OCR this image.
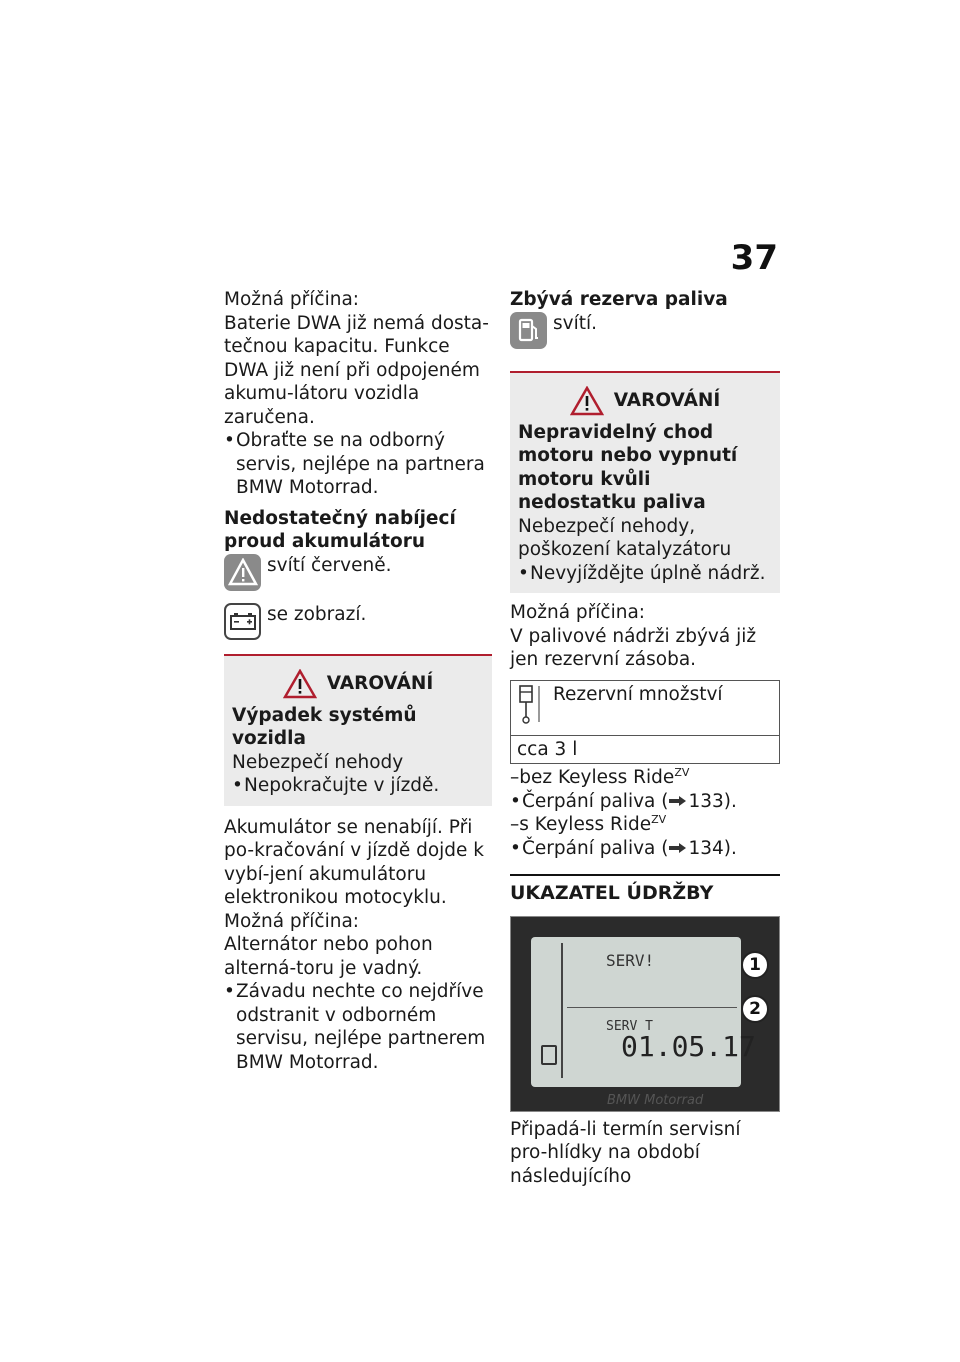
37

Možná příčina:

Baterie DWA již nemá dosta-tečnou kapacitu. Funkce DWA již není při odpojeném akumu-látoru vozidla zaručena.

• Obraťte se na odborný servis, nejlépe na partnera BMW Motorrad.

Nedostatečný nabíjecí proud akumulátoru

svítí červeně.
se zobrazí.
VAROVÁNÍ

Výpadek systémů vozidla

Nebezpečí nehody

• Nepokračujte v jízdě.

Akumulátor se nenabíjí. Při po-kračování v jízdě dojde k vybí-jení akumulátoru elektronikou motocyklu.

Možná příčina:

Alternátor nebo pohon alterná-toru je vadný.

• Závadu nechte co nejdříve odstranit v odborném servisu, nejlépe partnerem BMW Motorrad.

Zbývá rezerva paliva

svítí.
VAROVÁNÍ

Nepravidelný chod motoru nebo vypnutí motoru kvůli nedostatku paliva

Nebezpečí nehody, poškození katalyzátoru

• Nevyjíždějte úplně nádrž.

Možná příčina:

V palivové nádrži zbývá již jen rezervní zásoba.

Rezervní množství

cca 3 l

–bez Keyless Ride$^{ZV}$

• Čerpání paliva ( 133).

–s Keyless Ride$^{ZV}$

• Čerpání paliva ( 134).

UKAZATEL ÚDRŽBY
SERV!
SERV T
01.05.17
BMW Motorrad
1
2

Připadá-li termín servisní pro-hlídky na období následujícího
